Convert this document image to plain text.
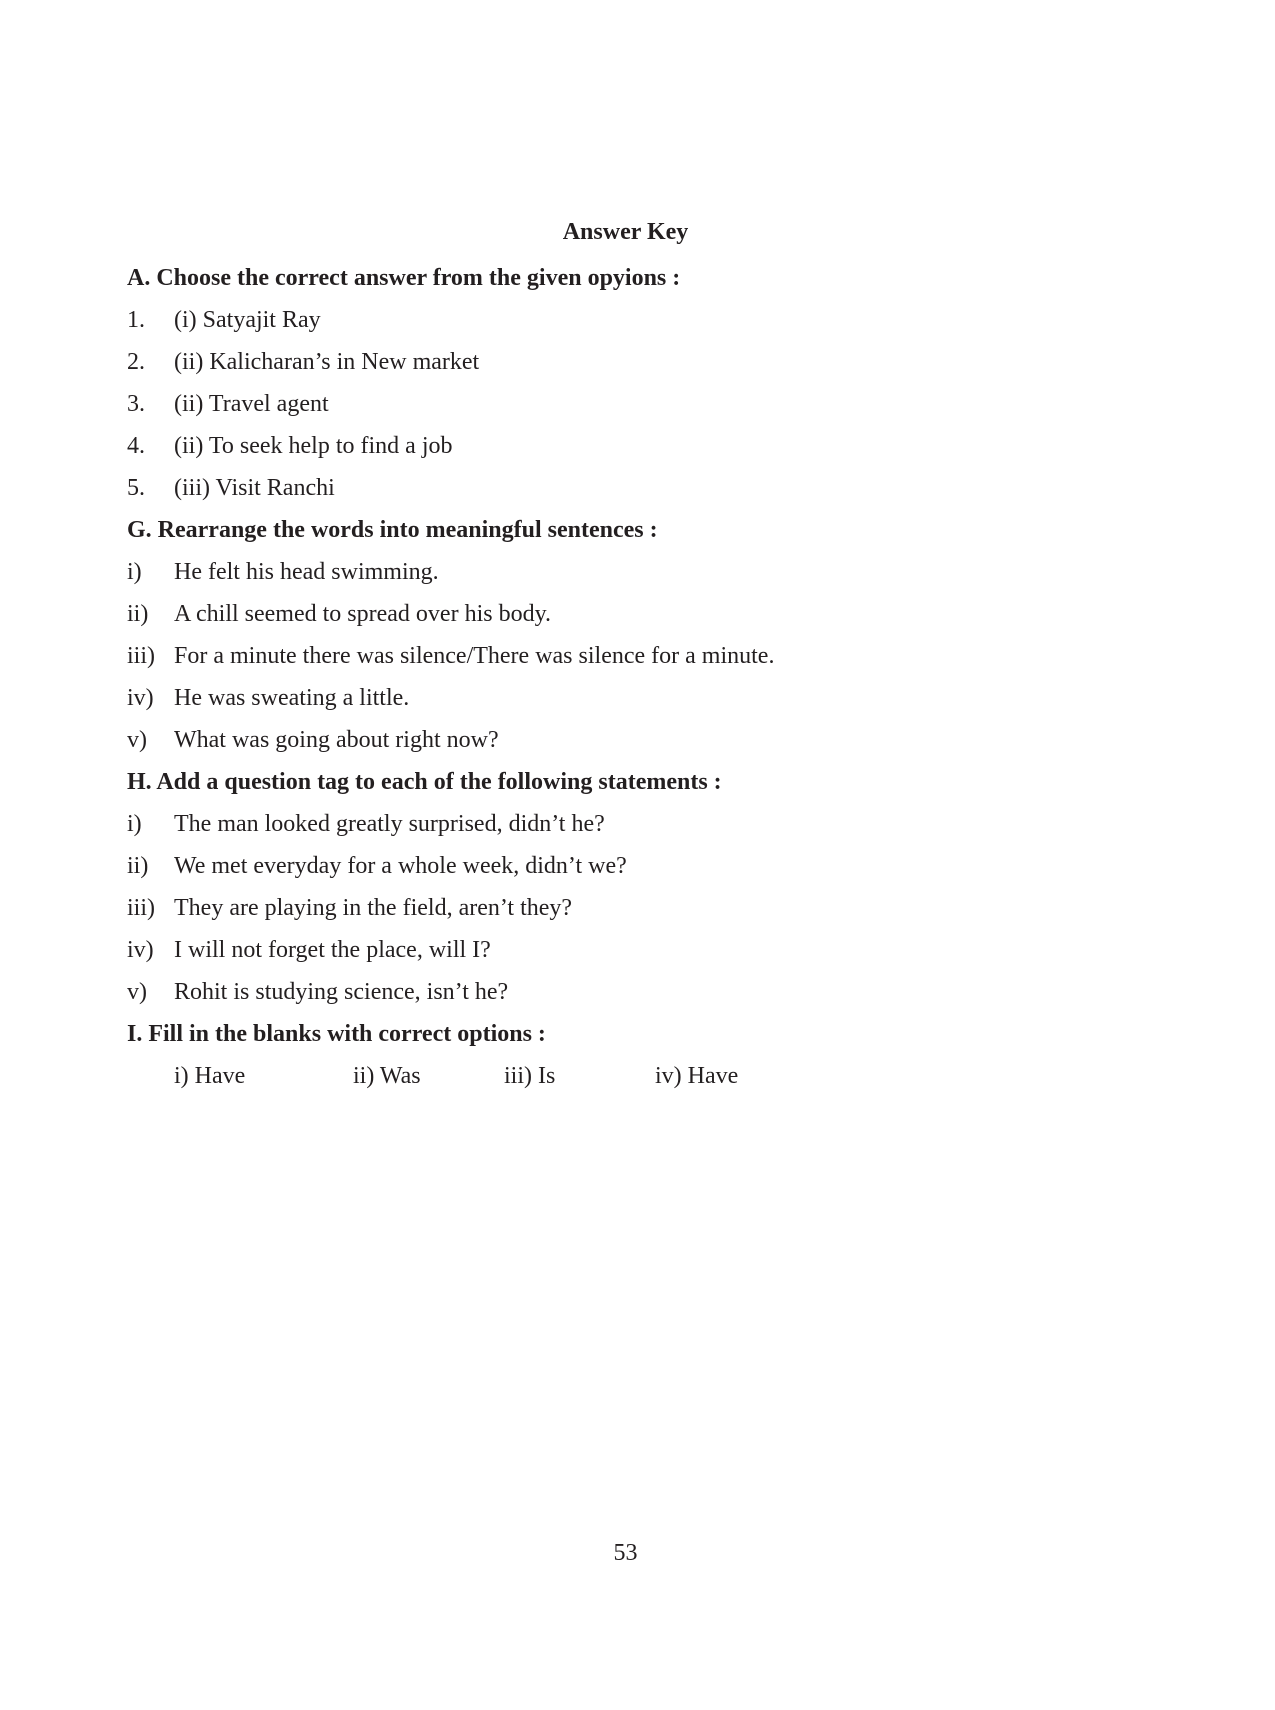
Answer Key
A. Choose the correct answer from the given opyions :
1.	(i) Satyajit Ray
2.	(ii) Kalicharan’s in New market
3.	(ii) Travel agent
4.	(ii) To seek help to find a job
5.	(iii) Visit Ranchi
G. Rearrange the words into meaningful sentences :
i)	He felt his head swimming.
ii)	A chill seemed to spread over his body.
iii) For a minute there was silence/There was silence for a minute.
iv) He was sweating a little.
v)	What was going about right now?
H. Add a question tag to each of the following statements :
i)	The man looked greatly surprised, didn’t he?
ii)	We met everyday for a whole week, didn’t we?
iii) They are playing in the field, aren’t they?
iv) I will not forget the place, will I?
v)	Rohit is studying science, isn’t he?
I. Fill in the blanks with correct options :
i) Have	ii) Was	iii) Is	iv) Have
53
